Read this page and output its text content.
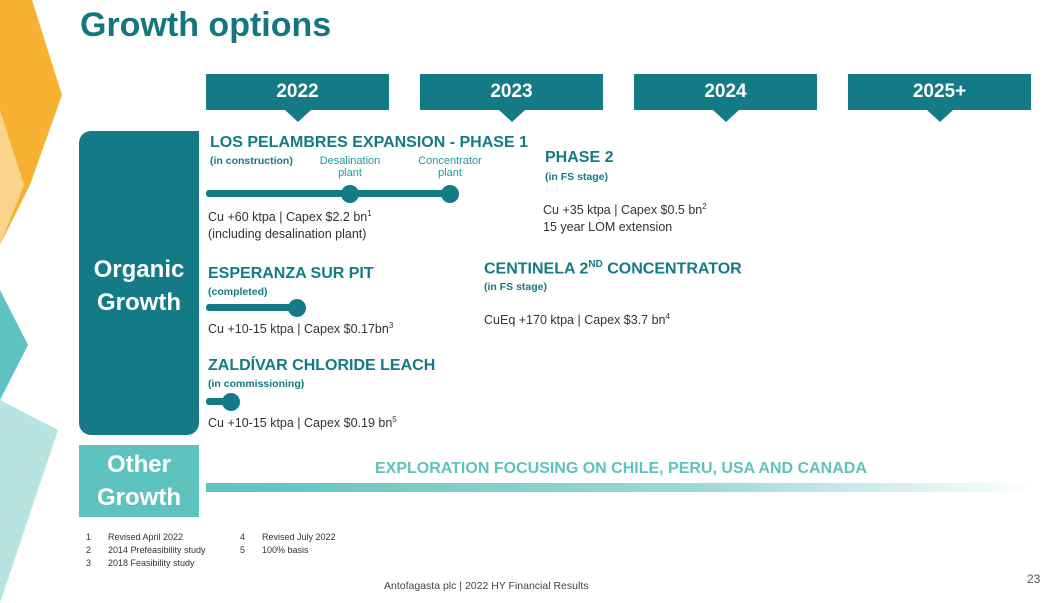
Growth options
2022	2023	2024	2025+
Organic
Growth
Other
Growth
LOS PELAMBRES EXPANSION - PHASE 1
(in construction)	Desalination
plant
Concentrator
plant
Cu +60 ktpa | Capex $2.2 $bn^1$
(including desalination plant)
PHASE 2
(in FS stage)
Cu +35 ktpa | Capex $0.5 $bn^2$
15 year LOM extension
ESPERANZA SUR PIT
(completed)
Cu +10-15 ktpa | Capex $\$0.17bn^3$
CENTINELA 2ND CONCENTRATOR
(in FS stage)
CuEq +170 ktpa | Capex $3.7 $bn^4$
ZALDÍVAR CHLORIDE LEACH
(in commissioning)
Cu +10-15 ktpa | Capex $0.19 $bn^5$
EXPLORATION FOCUSING ON CHILE, PERU, USA AND CANADA
1 Revised April 2022
2 2014 Prefeasibility study
3 2018 Feasibility study
4 Revised July 2022
5 100% basis
Antofagasta plc | 2022 HY Financial Results	23
